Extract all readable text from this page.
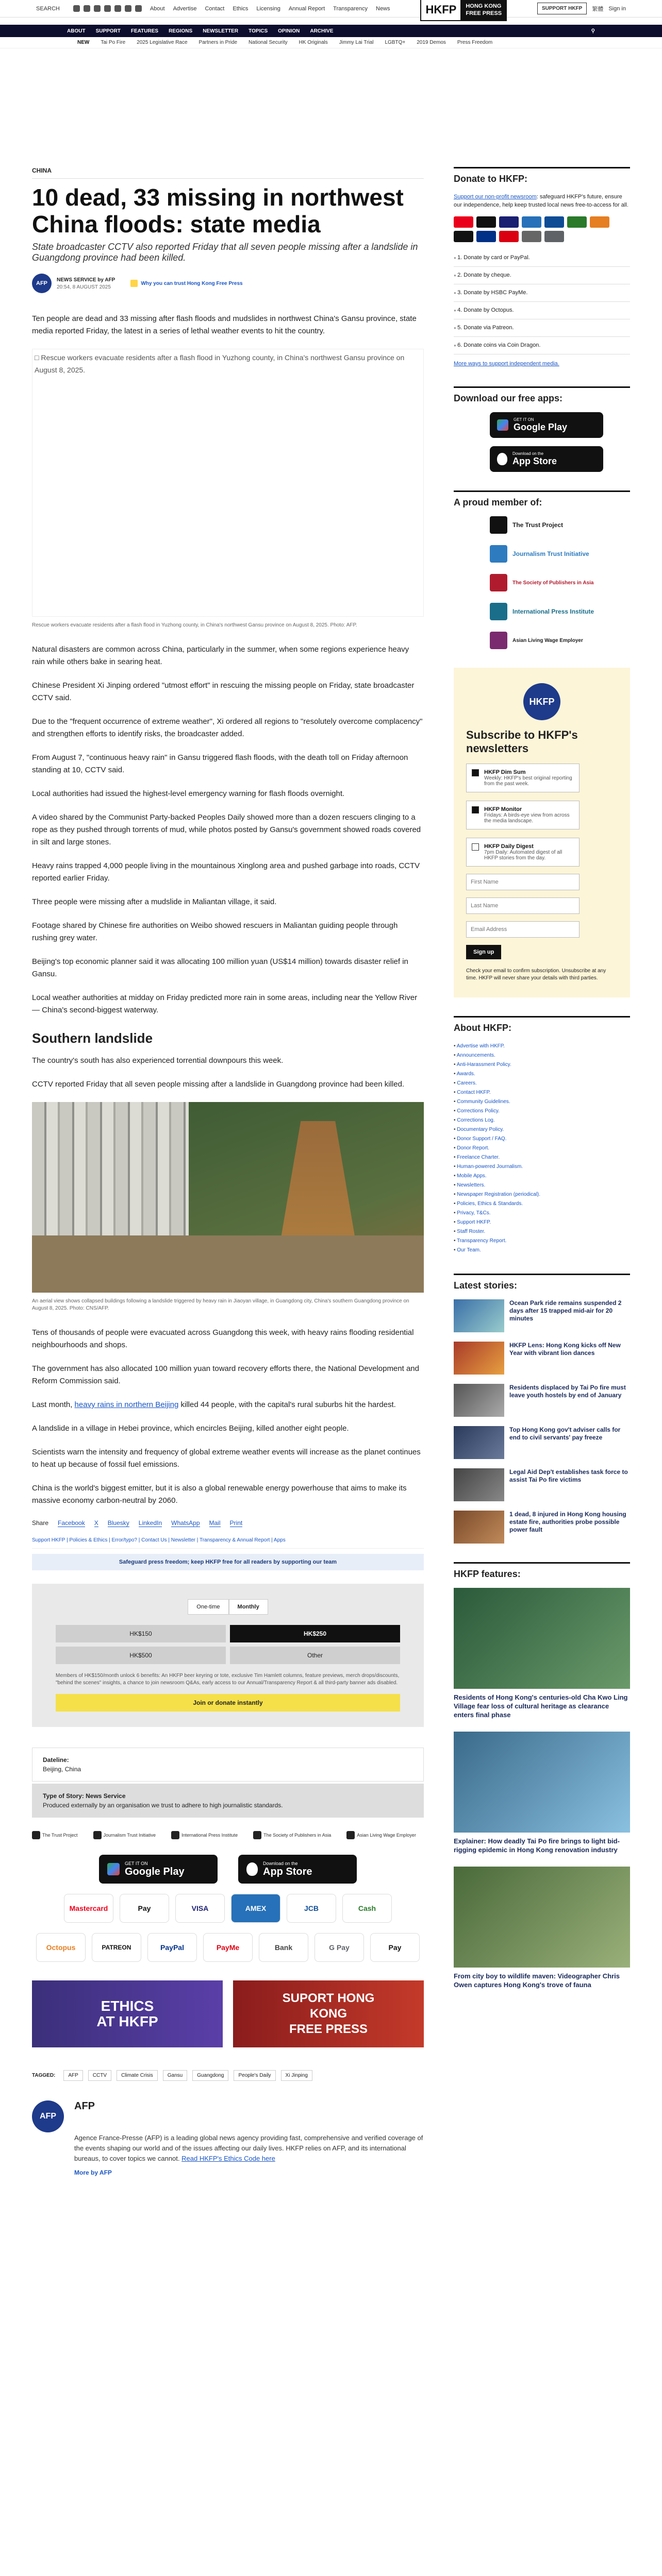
SEARCH	About Advertise Contact Ethics Licensing Annual Report Transparency News	HKFP	HONG KONG
FREE PRESS
SUPPORT HKFP	繁體 Sign in
ABOUT SUPPORT FEATURES REGIONS NEWSLETTER TOPICS OPINION ARCHIVE	⚲
NEW Tai Po Fire 2025 Legislative Race Partners in Pride National Security HK Originals Jimmy Lai Trial LGBTQ+ 2019 Demos Press Freedom
CHINA
10 dead, 33 missing in northwest China floods: state media
State broadcaster CCTV also reported Friday that all seven people missing after a landslide in Guangdong province had been killed.
AFP
NEWS SERVICE by AFP
20:54, 8 AUGUST 2025
Why you can trust Hong Kong Free Press

Ten people are dead and 33 missing after flash floods and mudslides in northwest China's Gansu province, state media reported Friday, the latest in a series of lethal weather events to hit the country.

□ Rescue workers evacuate residents after a flash flood in Yuzhong county, in China's northwest Gansu province on August 8, 2025.
Rescue workers evacuate residents after a flash flood in Yuzhong county, in China's northwest Gansu province on August 8, 2025. Photo: AFP.

Natural disasters are common across China, particularly in the summer, when some regions experience heavy rain while others bake in searing heat.

Chinese President Xi Jinping ordered "utmost effort" in rescuing the missing people on Friday, state broadcaster CCTV said.

Due to the "frequent occurrence of extreme weather", Xi ordered all regions to "resolutely overcome complacency" and strengthen efforts to identify risks, the broadcaster added.

From August 7, "continuous heavy rain" in Gansu triggered flash floods, with the death toll on Friday afternoon standing at 10, CCTV said.

Local authorities had issued the highest-level emergency warning for flash floods overnight.

A video shared by the Communist Party-backed Peoples Daily showed more than a dozen rescuers clinging to a rope as they pushed through torrents of mud, while photos posted by Gansu's government showed roads covered in silt and large stones.

Heavy rains trapped 4,000 people living in the mountainous Xinglong area and pushed garbage into roads, CCTV reported earlier Friday.

Three people were missing after a mudslide in Maliantan village, it said.

Footage shared by Chinese fire authorities on Weibo showed rescuers in Maliantan guiding people through rushing grey water.

Beijing's top economic planner said it was allocating 100 million yuan (US$14 million) towards disaster relief in Gansu.

Local weather authorities at midday on Friday predicted more rain in some areas, including near the Yellow River — China's second-biggest waterway.

Southern landslide

The country's south has also experienced torrential downpours this week.

CCTV reported Friday that all seven people missing after a landslide in Guangdong province had been killed.

An aerial view shows collapsed buildings following a landslide triggered by heavy rain in Jiaoyan village, in Guangdong city, China's southern Guangdong province on August 8, 2025. Photo: CNS/AFP.

Tens of thousands of people were evacuated across Guangdong this week, with heavy rains flooding residential neighbourhoods and shops.

The government has also allocated 100 million yuan toward recovery efforts there, the National Development and Reform Commission said.

Last month, heavy rains in northern Beijing killed 44 people, with the capital's rural suburbs hit the hardest.

A landslide in a village in Hebei province, which encircles Beijing, killed another eight people.

Scientists warn the intensity and frequency of global extreme weather events will increase as the planet continues to heat up because of fossil fuel emissions.

China is the world's biggest emitter, but it is also a global renewable energy powerhouse that aims to make its massive economy carbon-neutral by 2060.

Share Facebook X Bluesky LinkedIn WhatsApp Mail Print
Support HKFP | Policies & Ethics | Error/typo? | Contact Us | Newsletter | Transparency & Annual Report | Apps
Safeguard press freedom; keep HKFP free for all readers by supporting our team
One-time	Monthly
HK$150	HK$250
HK$500	Other
Members of HK$150/month unlock 6 benefits: An HKFP beer keyring or tote, exclusive Tim Hamlett columns, feature previews, merch drops/discounts, "behind the scenes" insights, a chance to join newsroom Q&As, early access to our Annual/Transparency Report & all third-party banner ads disabled.
Join or donate instantly
Dateline:
Beijing, China
Type of Story: News Service
Produced externally by an organisation we trust to adhere to high journalistic standards.
The Trust Project	Journalism Trust Initiative	International Press Institute	The Society of Publishers in Asia	Asian Living Wage Employer
GET IT ON
Google Play
Download on the
App Store
Mastercard	Pay	VISA	AMEX	JCB	Cash
Octopus	PATREON	PayPal	PayMe	Bank	G Pay	Pay
ETHICS
AT HKFP
SUPORT HONG
KONG
FREE PRESS
TAGGED:	AFP	CCTV	Climate Crisis	Gansu	Guangdong	People's Daily	Xi Jinping
AFP
AFP
Agence France-Presse (AFP) is a leading global news agency providing fast, comprehensive and verified coverage of the events shaping our world and of the issues affecting our daily lives. HKFP relies on AFP, and its international bureaus, to cover topics we cannot. Read HKFP's Ethics Code here
More by AFP
Donate to HKFP:
Support our non-profit newsroom: safeguard HKFP's future, ensure our independence, help keep trusted local news free-to-access for all.
● 1. Donate by card or PayPal.
● 2. Donate by cheque.
● 3. Donate by HSBC PayMe.
● 4. Donate by Octopus.
● 5. Donate via Patreon.
● 6. Donate coins via Coin Dragon.
More ways to support independent media.
Download our free apps:
GET IT ON
Google Play
Download on the
App Store
A proud member of:
The Trust Project
Journalism Trust Initiative
The Society of Publishers in Asia
International Press Institute
Asian Living Wage Employer
HKFP
Subscribe to HKFP's newsletters
HKFP Dim Sum
Weekly: HKFP's best original reporting from the past week.
HKFP Monitor
Fridays: A birds-eye view from across the media landscape.
HKFP Daily Digest
7pm Daily: Automated digest of all HKFP stories from the day.
First Name
Last Name
Email Address Sign up
Check your email to confirm subscription. Unsubscribe at any time. HKFP will never share your details with third parties.
About HKFP:
• Advertise with HKFP.
• Announcements.
• Anti-Harassment Policy.
• Awards.
• Careers.
• Contact HKFP.
• Community Guidelines.
• Corrections Policy.
• Corrections Log.
• Documentary Policy.
• Donor Support / FAQ.
• Donor Report.
• Freelance Charter.
• Human-powered Journalism.
• Mobile Apps.
• Newsletters.
• Newspaper Registration (periodical).
• Policies, Ethics & Standards.
• Privacy, T&Cs.
• Support HKFP.
• Staff Roster.
• Transparency Report.
• Our Team.
Latest stories:
Ocean Park ride remains suspended 2 days after 15 trapped mid-air for 20 minutes
HKFP Lens: Hong Kong kicks off New Year with vibrant lion dances
Residents displaced by Tai Po fire must leave youth hostels by end of January
Top Hong Kong gov't adviser calls for end to civil servants' pay freeze
Legal Aid Dep't establishes task force to assist Tai Po fire victims
1 dead, 8 injured in Hong Kong housing estate fire, authorities probe possible power fault
HKFP features:
Residents of Hong Kong's centuries-old Cha Kwo Ling Village fear loss of cultural heritage as clearance enters final phase
Explainer: How deadly Tai Po fire brings to light bid-rigging epidemic in Hong Kong renovation industry
From city boy to wildlife maven: Videographer Chris Owen captures Hong Kong's trove of fauna
